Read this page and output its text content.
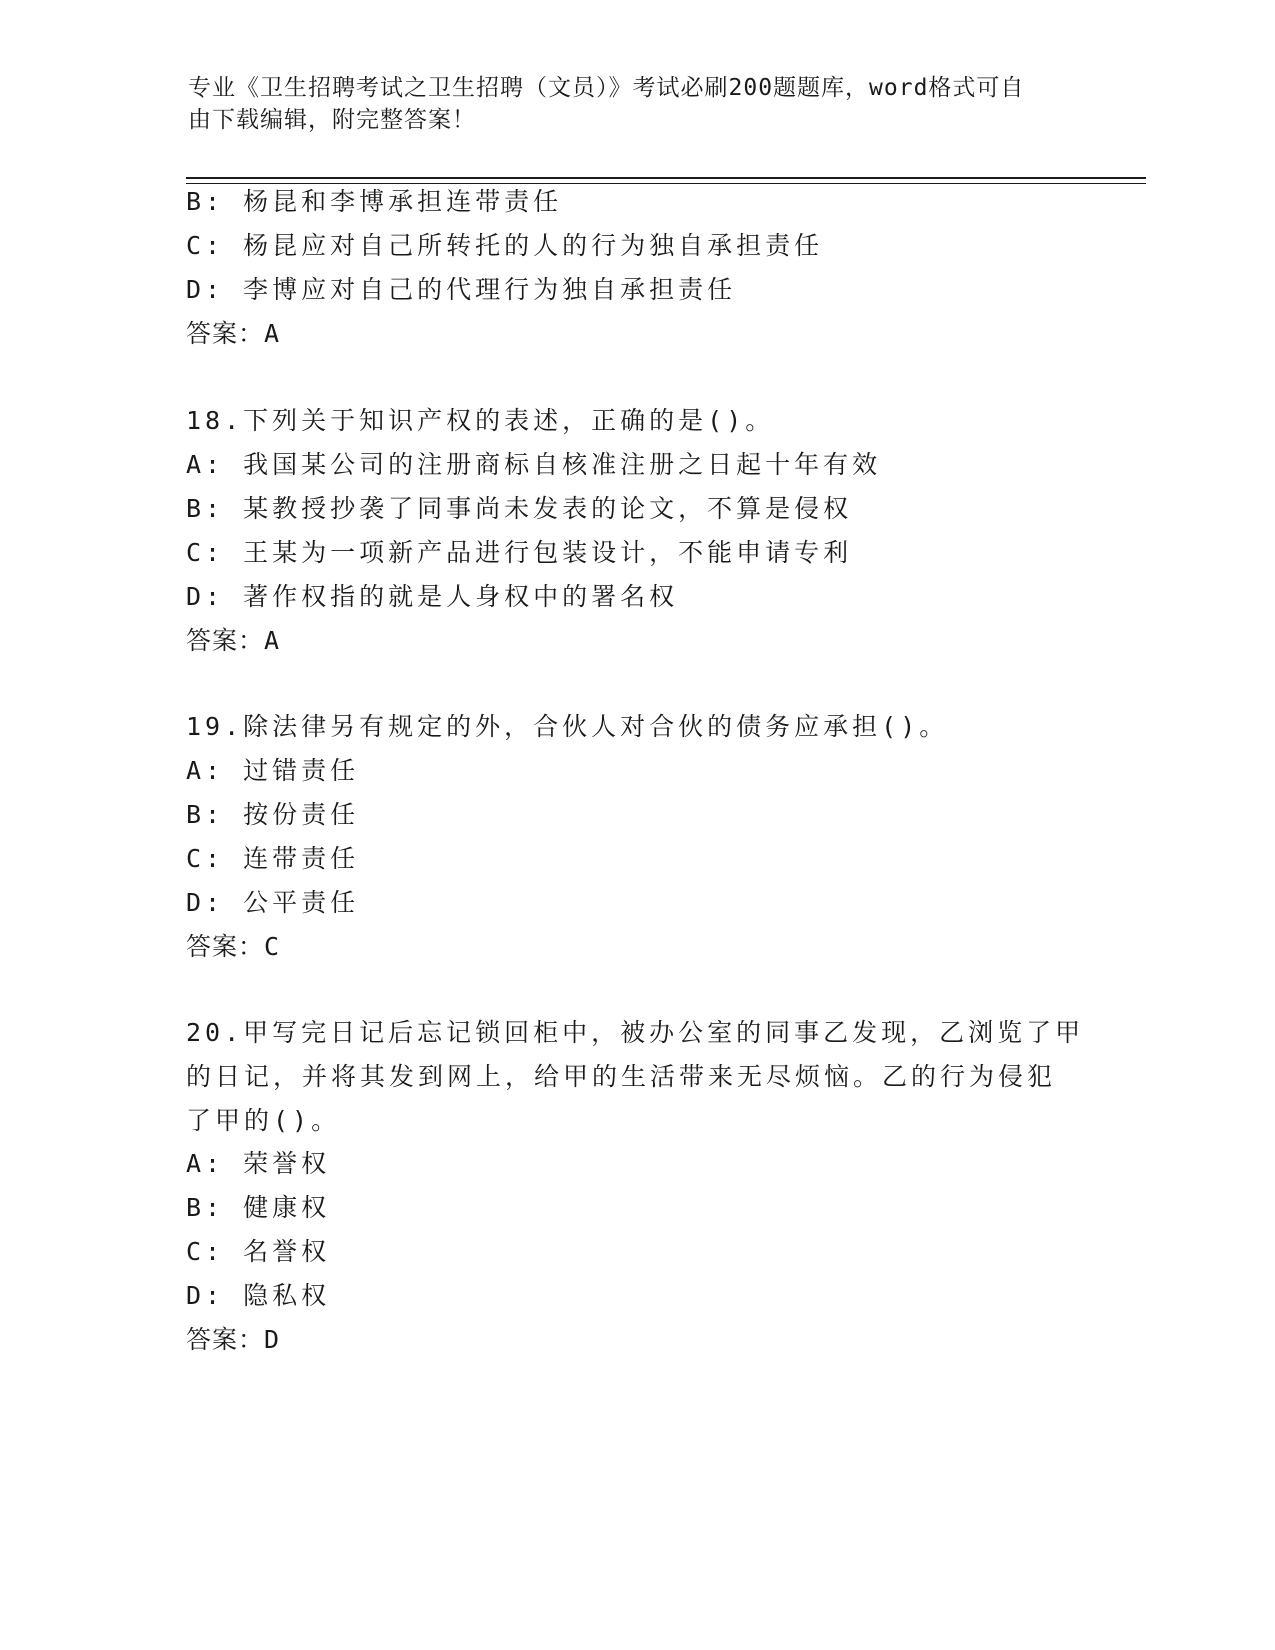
专业《卫生招聘考试之卫生招聘（文员）》考试必刷200题题库，word格式可自
由下载编辑，附完整答案！
B: 杨昆和李博承担连带责任
C: 杨昆应对自己所转托的人的行为独自承担责任
D: 李博应对自己的代理行为独自承担责任
答案：A
18.下列关于知识产权的表述，正确的是()。
A: 我国某公司的注册商标自核准注册之日起十年有效
B: 某教授抄袭了同事尚未发表的论文，不算是侵权
C: 王某为一项新产品进行包装设计，不能申请专利
D: 著作权指的就是人身权中的署名权
答案：A
19.除法律另有规定的外，合伙人对合伙的债务应承担()。
A: 过错责任
B: 按份责任
C: 连带责任
D: 公平责任
答案：C
20.甲写完日记后忘记锁回柜中，被办公室的同事乙发现，乙浏览了甲
的日记，并将其发到网上，给甲的生活带来无尽烦恼。乙的行为侵犯
了甲的()。
A: 荣誉权
B: 健康权
C: 名誉权
D: 隐私权
答案：D
